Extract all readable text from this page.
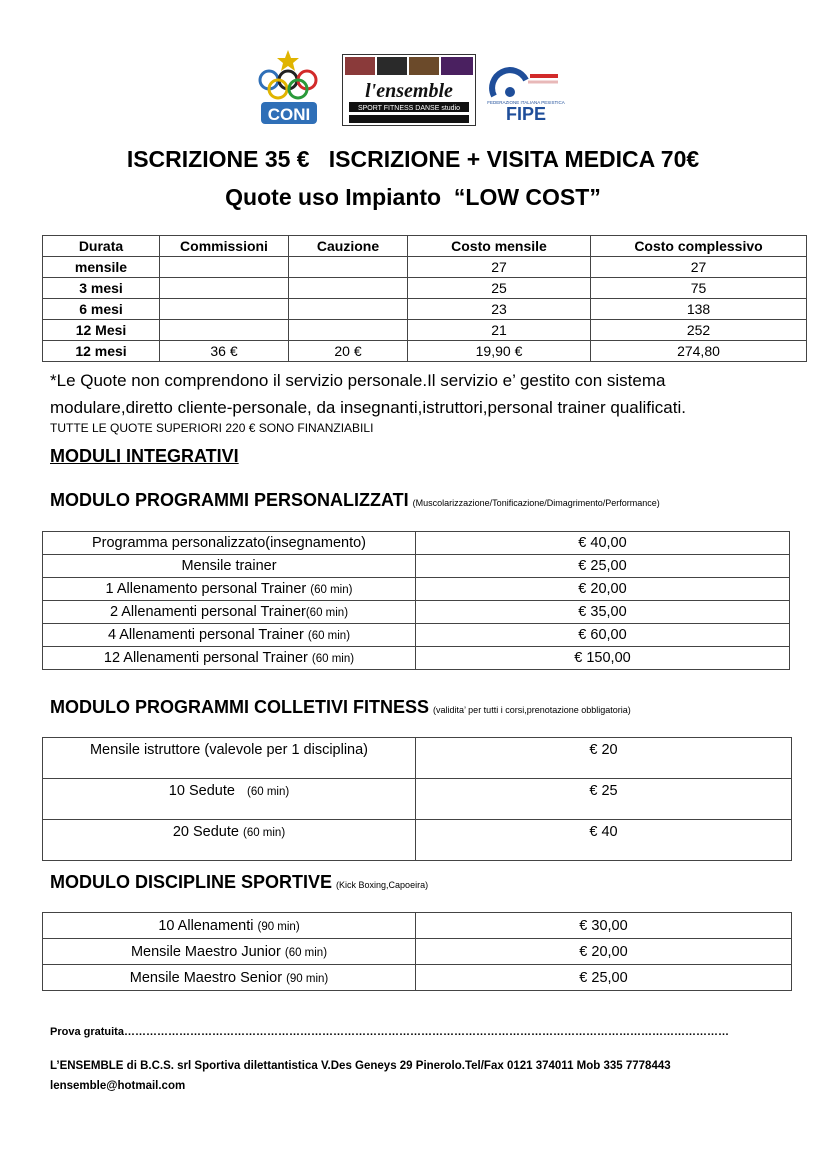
CONI
l'ensemble
SPORT FITNESS DANSE studio
FEDERAZIONE ITALIANA PESISTICA
FIPE
ISCRIZIONE 35 €   ISCRIZIONE + VISITA MEDICA 70€
Quote uso Impianto  “LOW COST”
Durata	Commissioni	Cauzione	Costo mensile	Costo complessivo
mensile			27	27
3 mesi			25	75
6 mesi			23	138
12 Mesi			21	252
12 mesi	36 €	20 €	19,90 €	274,80
*Le Quote non comprendono il servizio personale.Il servizio e’ gestito con sistema modulare,diretto cliente-personale, da insegnanti,istruttori,personal trainer qualificati.
TUTTE LE QUOTE SUPERIORI 220 € SONO FINANZIABILI
MODULI INTEGRATIVI
MODULO PROGRAMMI PERSONALIZZATI (Muscolarizzazione/Tonificazione/Dimagrimento/Performance)
Programma personalizzato(insegnamento)	€ 40,00
Mensile trainer	€ 25,00
1 Allenamento personal Trainer (60 min)	€ 20,00
2 Allenamenti personal Trainer(60 min)	€ 35,00
4 Allenamenti personal Trainer (60 min)	€ 60,00
12 Allenamenti personal Trainer (60 min)	€ 150,00
MODULO PROGRAMMI COLLETIVI FITNESS (validita’ per tutti i corsi,prenotazione obbligatoria)
Mensile istruttore (valevole per 1 disciplina)	€ 20
10 Sedute   (60 min)	€ 25
20 Sedute (60 min)	€ 40
MODULO DISCIPLINE SPORTIVE (Kick Boxing,Capoeira)
10 Allenamenti (90 min)	€ 30,00
Mensile Maestro Junior (60 min)	€ 20,00
Mensile Maestro Senior (90 min)	€ 25,00
Prova gratuita…………………………………………………………………………………………………………………………………………………
L’ENSEMBLE di B.C.S. srl Sportiva dilettantistica V.Des Geneys 29 Pinerolo.Tel/Fax 0121 374011 Mob 335 7778443
lensemble@hotmail.com
